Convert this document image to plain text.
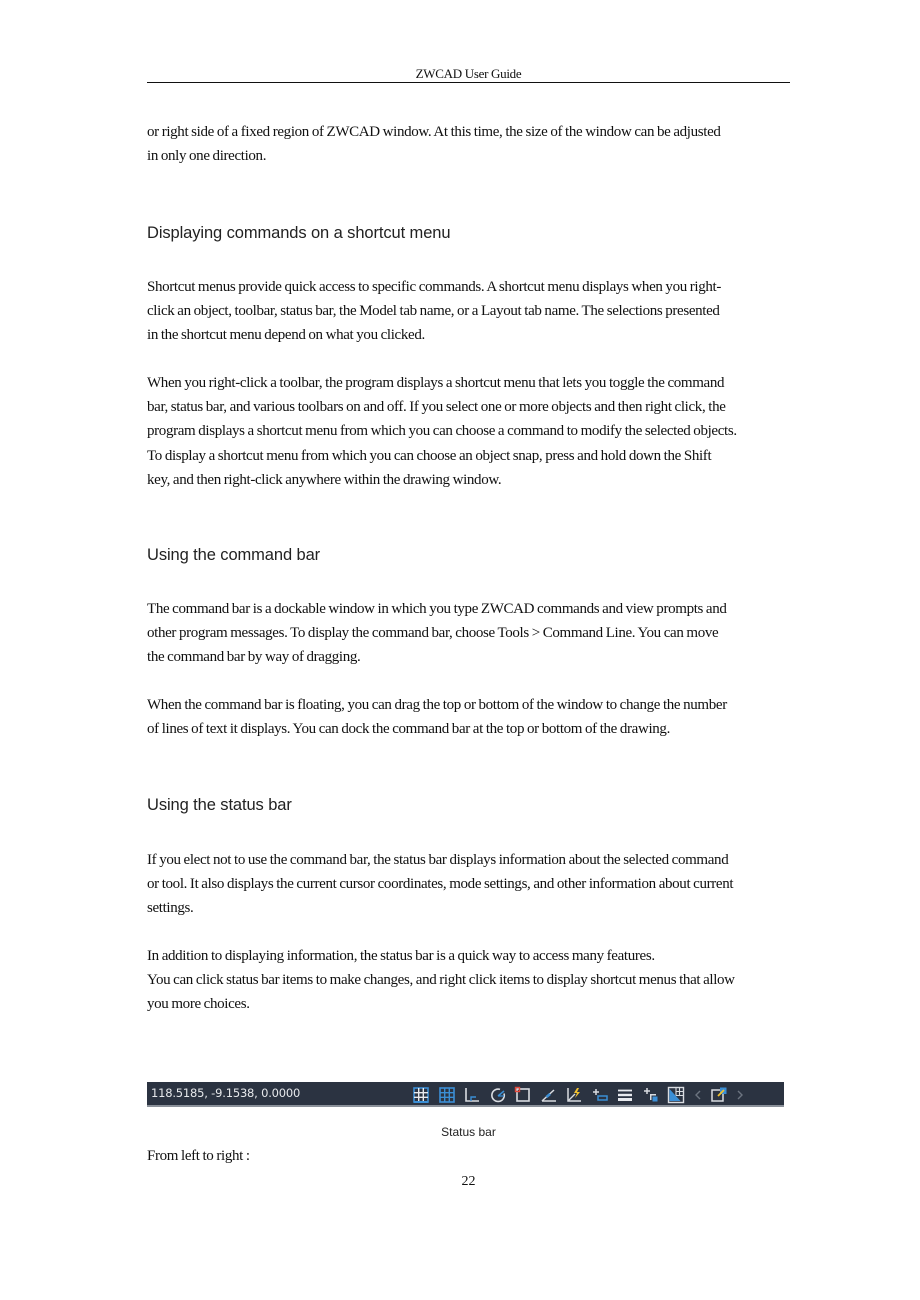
ZWCAD User Guide

or right side of a fixed region of ZWCAD window. At this time, the size of the window can be adjusted
in only one direction.

Displaying commands on a shortcut menu

Shortcut menus provide quick access to specific commands. A shortcut menu displays when you right-
click an object, toolbar, status bar, the Model tab name, or a Layout tab name. The selections presented
in the shortcut menu depend on what you clicked.

When you right-click a toolbar, the program displays a shortcut menu that lets you toggle the command
bar, status bar, and various toolbars on and off. If you select one or more objects and then right click, the
program displays a shortcut menu from which you can choose a command to modify the selected objects.
To display a shortcut menu from which you can choose an object snap, press and hold down the Shift
key, and then right-click anywhere within the drawing window.

Using the command bar

The command bar is a dockable window in which you type ZWCAD commands and view prompts and
other program messages. To display the command bar, choose Tools > Command Line. You can move
the command bar by way of dragging.

When the command bar is floating, you can drag the top or bottom of the window to change the number
of lines of text it displays. You can dock the command bar at the top or bottom of the drawing.

Using the status bar

If you elect not to use the command bar, the status bar displays information about the selected command
or tool. It also displays the current cursor coordinates, mode settings, and other information about current
settings.

In addition to displaying information, the status bar is a quick way to access many features.
You can click status bar items to make changes, and right click items to display shortcut menus that allow
you more choices.

118.5185, -9.1538, 0.0000
Status bar

From left to right :

22
